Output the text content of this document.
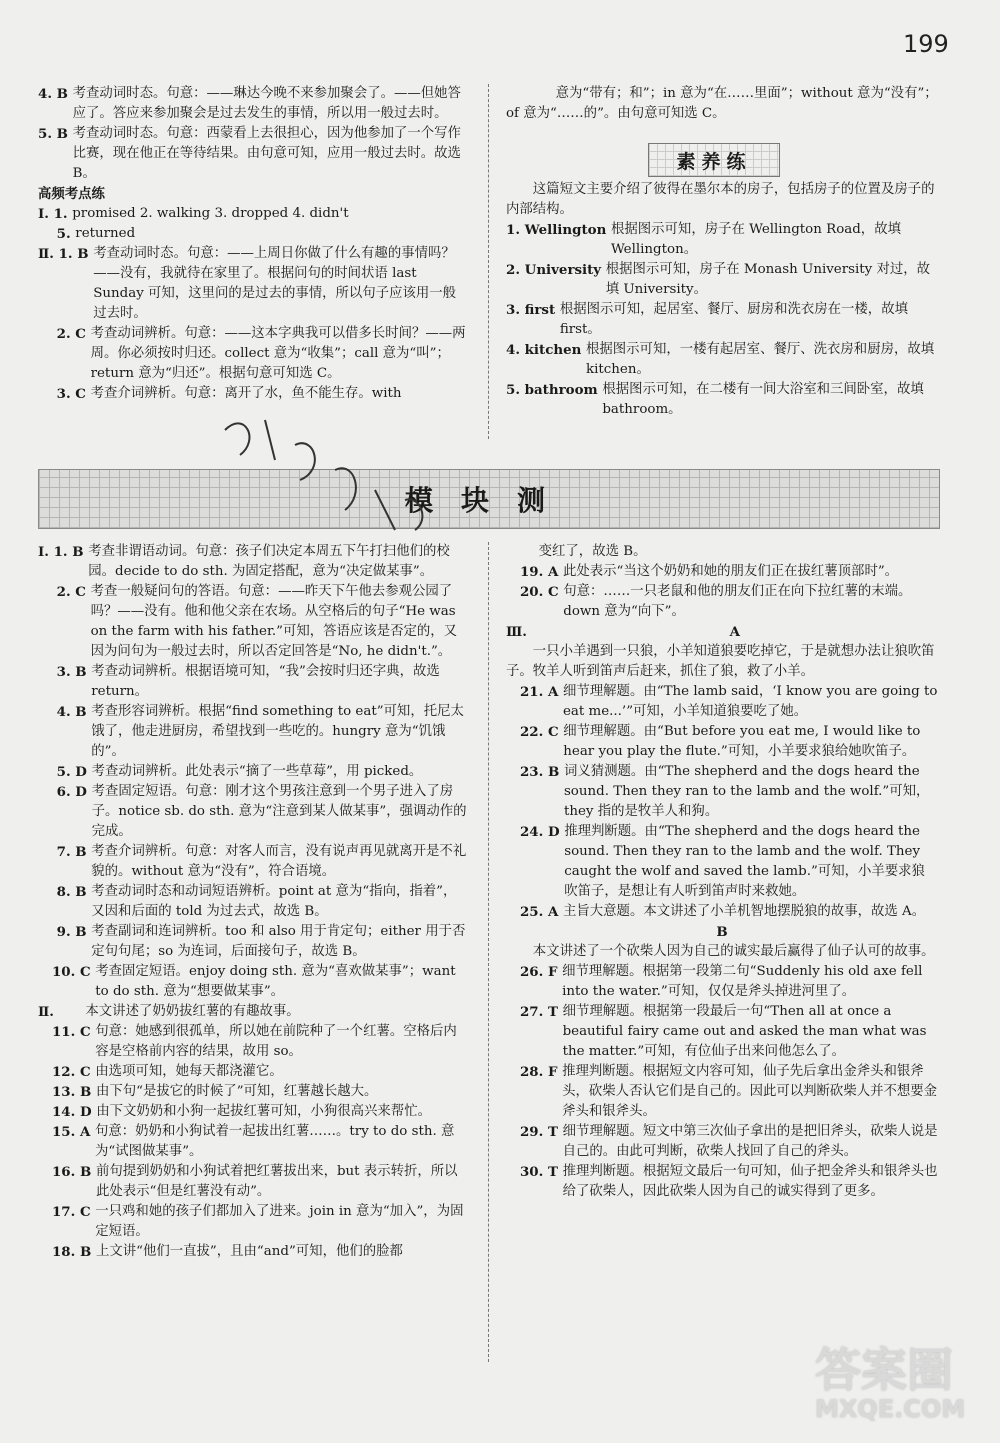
199
4. B 考查动词时态。句意：——琳达今晚不来参加聚会了。——但她答应了。答应来参加聚会是过去发生的事情，所以用一般过去时。
5. B 考查动词时态。句意：西蒙看上去很担心，因为他参加了一个写作比赛，现在他正在等待结果。由句意可知，应用一般过去时。故选 B。

高频考点练

Ⅰ. 1. promised 2. walking 3. dropped 4. didn't
5. returned
Ⅱ. 1. B 考查动词时态。句意：——上周日你做了什么有趣的事情吗？——没有，我就待在家里了。根据问句的时间状语 last Sunday 可知，这里问的是过去的事情，所以句子应该用一般过去时。
2. C 考查动词辨析。句意：——这本字典我可以借多长时间？——两周。你必须按时归还。collect 意为“收集”；call 意为“叫”；return 意为“归还”。根据句意可知选 C。
3. C 考查介词辨析。句意：离开了水，鱼不能生存。with

意为“带有；和”；in 意为“在……里面”；without 意为“没有”；of 意为“……的”。由句意可知选 C。

这篇短文主要介绍了彼得在墨尔本的房子，包括房子的位置及房子的内部结构。

1. Wellington 根据图示可知，房子在 Wellington Road，故填 Wellington。
2. University 根据图示可知，房子在 Monash University 对过，故填 University。
3. first 根据图示可知，起居室、餐厅、厨房和洗衣房在一楼，故填 first。
4. kitchen 根据图示可知，一楼有起居室、餐厅、洗衣房和厨房，故填 kitchen。
5. bathroom 根据图示可知，在二楼有一间大浴室和三间卧室，故填 bathroom。
素养练
模块测
Ⅰ. 1. B 考查非谓语动词。句意：孩子们决定本周五下午打扫他们的校园。decide to do sth. 为固定搭配，意为“决定做某事”。
2. C 考查一般疑问句的答语。句意：——昨天下午他去参观公园了吗？——没有。他和他父亲在农场。从空格后的句子“He was on the farm with his father.”可知，答语应该是否定的，又因为问句为一般过去时，所以否定回答是“No, he didn't.”。
3. B 考查动词辨析。根据语境可知，“我”会按时归还字典，故选 return。
4. B 考查形容词辨析。根据“find something to eat”可知，托尼太饿了，他走进厨房，希望找到一些吃的。hungry 意为“饥饿的”。
5. D 考查动词辨析。此处表示“摘了一些草莓”，用 picked。
6. D 考查固定短语。句意：刚才这个男孩注意到一个男子进入了房子。notice sb. do sth. 意为“注意到某人做某事”，强调动作的完成。
7. B 考查介词辨析。句意：对客人而言，没有说声再见就离开是不礼貌的。without 意为“没有”，符合语境。
8. B 考查动词时态和动词短语辨析。point at 意为“指向，指着”，又因和后面的 told 为过去式，故选 B。
9. B 考查副词和连词辨析。too 和 also 用于肯定句；either 用于否定句句尾；so 为连词，后面接句子，故选 B。
10. C 考查固定短语。enjoy doing sth. 意为“喜欢做某事”；want to do sth. 意为“想要做某事”。
Ⅱ.	本文讲述了奶奶拔红薯的有趣故事。
11. C 句意：她感到很孤单，所以她在前院种了一个红薯。空格后内容是空格前内容的结果，故用 so。
12. C 由选项可知，她每天都浇灌它。
13. B 由下句“是拔它的时候了”可知，红薯越长越大。
14. D 由下文奶奶和小狗一起拔红薯可知，小狗很高兴来帮忙。
15. A 句意：奶奶和小狗试着一起拔出红薯……。try to do sth. 意为“试图做某事”。
16. B 前句提到奶奶和小狗试着把红薯拔出来，but 表示转折，所以此处表示“但是红薯没有动”。
17. C 一只鸡和她的孩子们都加入了进来。join in 意为“加入”，为固定短语。
18. B 上文讲“他们一直拔”，且由“and”可知，他们的脸都

变红了，故选 B。
19. A 此处表示“当这个奶奶和她的朋友们正在拔红薯顶部时”。
20. C 句意：……一只老鼠和他的朋友们正在向下拉红薯的末端。down 意为“向下”。
Ⅲ.	A
一只小羊遇到一只狼，小羊知道狼要吃掉它，于是就想办法让狼吹笛子。牧羊人听到笛声后赶来，抓住了狼，救了小羊。
21. A 细节理解题。由“The lamb said，‘I know you are going to eat me...’”可知，小羊知道狼要吃了她。
22. C 细节理解题。由“But before you eat me, I would like to hear you play the flute.”可知，小羊要求狼给她吹笛子。
23. B 词义猜测题。由“The shepherd and the dogs heard the sound. Then they ran to the lamb and the wolf.”可知，they 指的是牧羊人和狗。
24. D 推理判断题。由“The shepherd and the dogs heard the sound. Then they ran to the lamb and the wolf. They caught the wolf and saved the lamb.”可知，小羊要求狼吹笛子，是想让有人听到笛声时来救她。
25. A 主旨大意题。本文讲述了小羊机智地摆脱狼的故事，故选 A。
B
本文讲述了一个砍柴人因为自己的诚实最后赢得了仙子认可的故事。
26. F 细节理解题。根据第一段第二句“Suddenly his old axe fell into the water.”可知，仅仅是斧头掉进河里了。
27. T 细节理解题。根据第一段最后一句“Then all at once a beautiful fairy came out and asked the man what was the matter.”可知，有位仙子出来问他怎么了。
28. F 推理判断题。根据短文内容可知，仙子先后拿出金斧头和银斧头，砍柴人否认它们是自己的。因此可以判断砍柴人并不想要金斧头和银斧头。
29. T 细节理解题。短文中第三次仙子拿出的是把旧斧头，砍柴人说是自己的。由此可判断，砍柴人找回了自己的斧头。
30. T 推理判断题。根据短文最后一句可知，仙子把金斧头和银斧头也给了砍柴人，因此砍柴人因为自己的诚实得到了更多。
答案圈
MXQE.COM
